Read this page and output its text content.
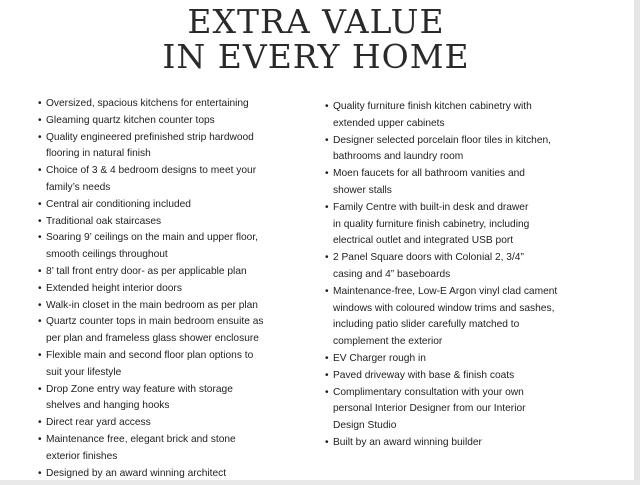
EXTRA VALUE
IN EVERY HOME
• Oversized, spacious kitchens for entertaining
• Gleaming quartz kitchen counter tops
• Quality engineered prefinished strip hardwood
flooring in natural finish
• Choice of 3 & 4 bedroom designs to meet your
family’s needs
• Central air conditioning included
• Traditional oak staircases
• Soaring 9’ ceilings on the main and upper floor,
smooth ceilings throughout
• 8’ tall front entry door- as per applicable plan
• Extended height interior doors
• Walk-in closet in the main bedroom as per plan
• Quartz counter tops in main bedroom ensuite as
per plan and frameless glass shower enclosure
• Flexible main and second floor plan options to
suit your lifestyle
• Drop Zone entry way feature with storage
shelves and hanging hooks
• Direct rear yard access
• Maintenance free, elegant brick and stone
exterior finishes
• Designed by an award winning architect
• Quality furniture finish kitchen cabinetry with
extended upper cabinets
• Designer selected porcelain floor tiles in kitchen,
bathrooms and laundry room
• Moen faucets for all bathroom vanities and
shower stalls
• Family Centre with built-in desk and drawer
in quality furniture finish cabinetry, including
electrical outlet and integrated USB port
• 2 Panel Square doors with Colonial 2, 3/4”
casing and 4” baseboards
• Maintenance-free, Low-E Argon vinyl clad cament
windows with coloured window trims and sashes,
including patio slider carefully matched to
complement the exterior
• EV Charger rough in
• Paved driveway with base & finish coats
• Complimentary consultation with your own
personal Interior Designer from our Interior
Design Studio
• Built by an award winning builder
